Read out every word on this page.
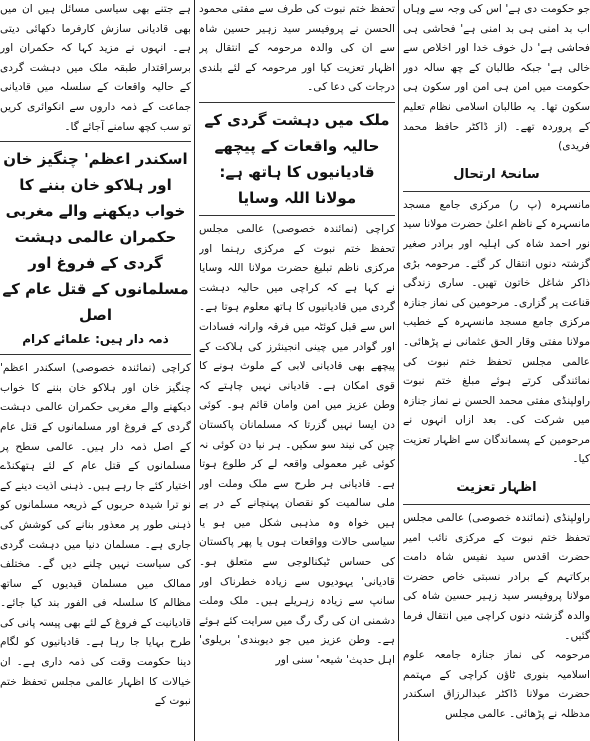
جو حکومت دی ہے' اس کی وجہ سے وہاں اب بد امنی ہی بد امنی ہے' فحاشی ہی فحاشی ہے' دل خوف خدا اور اخلاص سے خالی ہے' جبکہ طالبان کے چھ سالہ دور حکومت میں امن ہی امن اور سکون ہی سکون تھا۔ یہ طالبان اسلامی نظام تعلیم کے پروردہ تھے۔ (از ڈاکٹر حافظ محمد فریدی)

سانحۂ ارتحال

مانسہرہ (پ ر) مرکزی جامع مسجد مانسہرہ کے ناظم اعلیٰ حضرت مولانا سید نور احمد شاہ کی اہلیہ اور برادر صغیر گزشتہ دنوں انتقال کر گئے۔ مرحومہ بڑی ذاکر شاغل خاتون تھیں۔ ساری زندگی قناعت پر گزاری۔ مرحومین کی نماز جنازہ مرکزی جامع مسجد مانسہرہ کے خطیب مولانا مفتی وقار الحق عثمانی نے پڑھائی۔ عالمی مجلس تحفظ ختم نبوت کی نمائندگی کرتے ہوئے مبلغ ختم نبوت راولپنڈی مفتی محمد الحسن نے نماز جنازہ میں شرکت کی۔ بعد ازاں انہوں نے مرحومین کے پسماندگان سے اظہار تعزیت کیا۔

اظہار تعزیت

راولپنڈی (نمائندہ خصوصی) عالمی مجلس تحفظ ختم نبوت کے مرکزی نائب امیر حضرت اقدس سید نفیس شاہ دامت برکاتہم کے برادر نسبتی خاص حضرت مولانا پروفیسر سید زہیر حسین شاہ کی والدہ گزشتہ دنوں کراچی میں انتقال فرما گئیں۔

مرحومہ کی نماز جنازہ جامعہ علوم اسلامیہ بنوری ٹاؤن کراچی کے مہتمم حضرت مولانا ڈاکٹر عبدالرزاق اسکندر مدظلہ نے پڑھائی۔ عالمی مجلس

تحفظ ختم نبوت کی طرف سے مفتی محمود الحسن نے پروفیسر سید زہیر حسین شاہ سے ان کی والدہ مرحومہ کے انتقال پر اظہار تعزیت کیا اور مرحومہ کے لئے بلندی درجات کی دعا کی۔

ملک میں دہشت گردی کے حالیہ واقعات کے پیچھے قادیانیوں کا ہاتھ ہے: مولانا اللہ وسایا

کراچی (نمائندہ خصوصی) عالمی مجلس تحفظ ختم نبوت کے مرکزی رہنما اور مرکزی ناظم تبلیغ حضرت مولانا اللہ وسایا نے کہا ہے کہ کراچی میں حالیہ دہشت گردی میں قادیانیوں کا ہاتھ معلوم ہوتا ہے۔ اس سے قبل کوئٹہ میں فرقہ وارانہ فسادات اور گوادر میں چینی انجینئرز کی ہلاکت کے پیچھے بھی قادیانی لابی کے ملوث ہونے کا قوی امکان ہے۔ قادیانی نہیں چاہتے کہ وطن عزیز میں امن وامان قائم ہو۔ کوئی دن ایسا نہیں گزرتا کہ مسلمانان پاکستان چین کی نیند سو سکیں۔ ہر نیا دن کوئی نہ کوئی غیر معمولی واقعہ لے کر طلوع ہوتا ہے۔ قادیانی ہر طرح سے ملک وملت اور ملی سالمیت کو نقصان پہنچانے کے در پے ہیں خواہ وہ مذہبی شکل میں ہو یا سیاسی حالات وواقعات ہوں یا پھر پاکستان کی حساس ٹیکنالوجی سے متعلق ہو۔ قادیانی' یہودیوں سے زیادہ خطرناک اور سانپ سے زیادہ زہریلے ہیں۔ ملک وملت دشمنی ان کی رگ رگ میں سرایت کئے ہوئے ہے۔ وطن عزیز میں جو دیوبندی' بریلوی' اہل حدیث' شیعہ' سنی اور

ہے جتنے بھی سیاسی مسائل ہیں ان میں بھی قادیانی سازش کارفرما دکھائی دیتی ہے۔ انہوں نے مزید کہا کہ حکمران اور برسراقتدار طبقہ ملک میں دہشت گردی کے حالیہ واقعات کے سلسلہ میں قادیانی جماعت کے ذمہ داروں سے انکوائری کریں تو سب کچھ سامنے آجائے گا۔

اسکندر اعظم' چنگیز خان اور ہلاکو خان بننے کا خواب دیکھنے والے مغربی حکمران عالمی دہشت گردی کے فروغ اور مسلمانوں کے قتل عام کے اصل
ذمہ دار ہیں: علمائے کرام

کراچی (نمائندہ خصوصی) اسکندر اعظم' چنگیز خان اور ہلاکو خان بننے کا خواب دیکھنے والے مغربی حکمران عالمی دہشت گردی کے فروغ اور مسلمانوں کے قتل عام کے اصل ذمہ دار ہیں۔ عالمی سطح پر مسلمانوں کے قتل عام کے لئے ہتھکنڈے اختیار کئے جا رہے ہیں۔ ذہنی اذیت دینے کے نو ترا شیدہ حربوں کے ذریعہ مسلمانوں کو ذہنی طور پر معذور بنانے کی کوشش کی جاری ہے۔ مسلمان دنیا میں دہشت گردی کی سیاست نہیں چلنے دیں گے۔ مختلف ممالک میں مسلمان قیدیوں کے ساتھ مظالم کا سلسلہ فی الفور بند کیا جائے۔ قادیانیت کے فروغ کے لئے بھی پیسہ پانی کی طرح بہایا جا رہا ہے۔ قادیانیوں کو لگام دینا حکومت وقت کی ذمہ داری ہے۔ ان خیالات کا اظہار عالمی مجلس تحفظ ختم نبوت کے
